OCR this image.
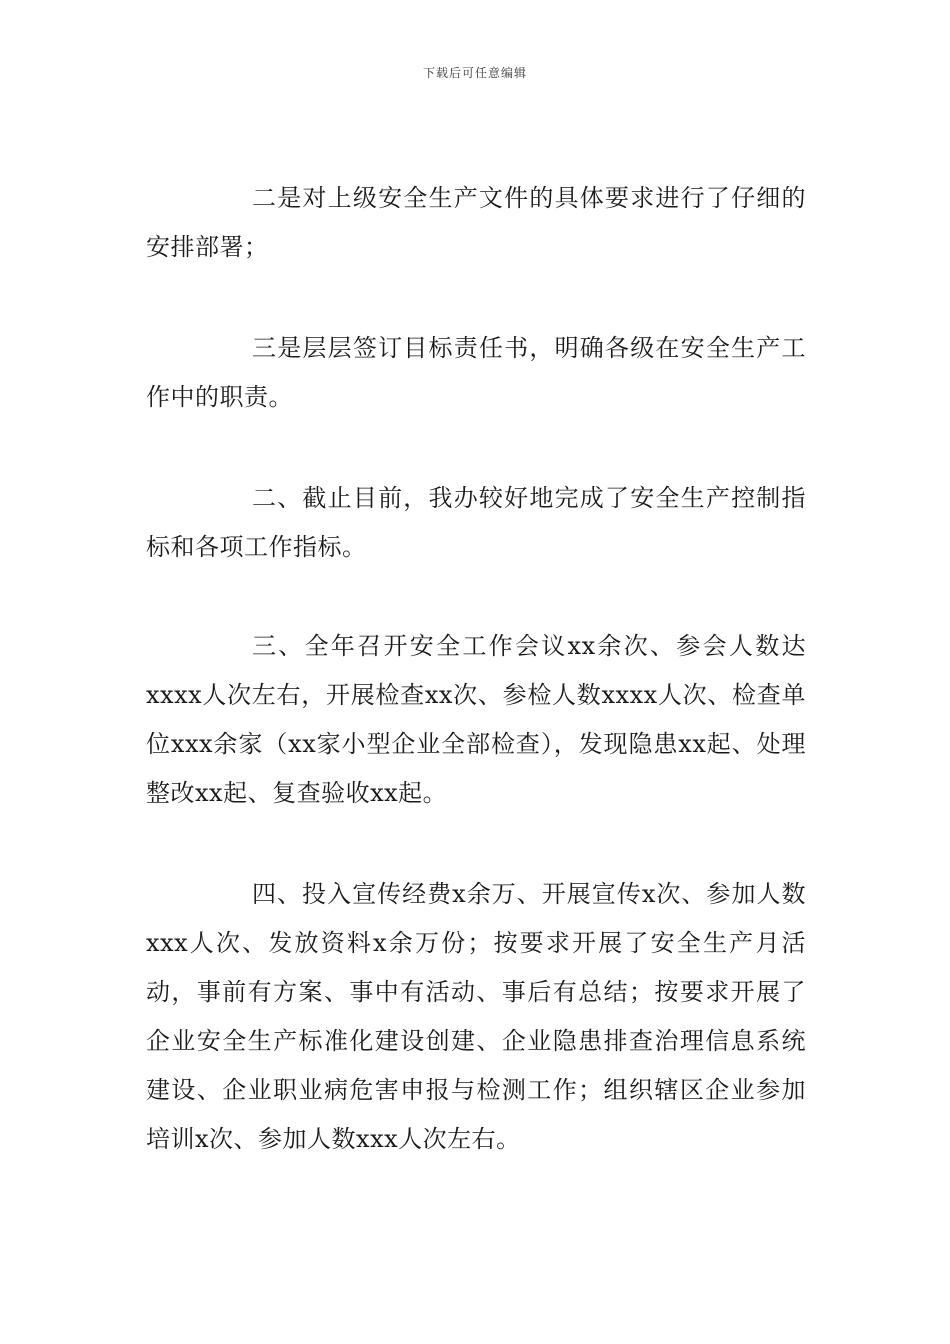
下载后可任意编辑

二是对上级安全生产文件的具体要求进行了仔细的安排部署；

三是层层签订目标责任书，明确各级在安全生产工作中的职责。

二、截止目前，我办较好地完成了安全生产控制指标和各项工作指标。

三、全年召开安全工作会议xx余次、参会人数达xxxx人次左右，开展检查xx次、参检人数xxxx人次、检查单位xxx余家（xx家小型企业全部检查），发现隐患xx起、处理整改xx起、复查验收xx起。

四、投入宣传经费x余万、开展宣传x次、参加人数xxx人次、发放资料x余万份；按要求开展了安全生产月活动，事前有方案、事中有活动、事后有总结；按要求开展了企业安全生产标准化建设创建、企业隐患排查治理信息系统建设、企业职业病危害申报与检测工作；组织辖区企业参加培训x次、参加人数xxx人次左右。
